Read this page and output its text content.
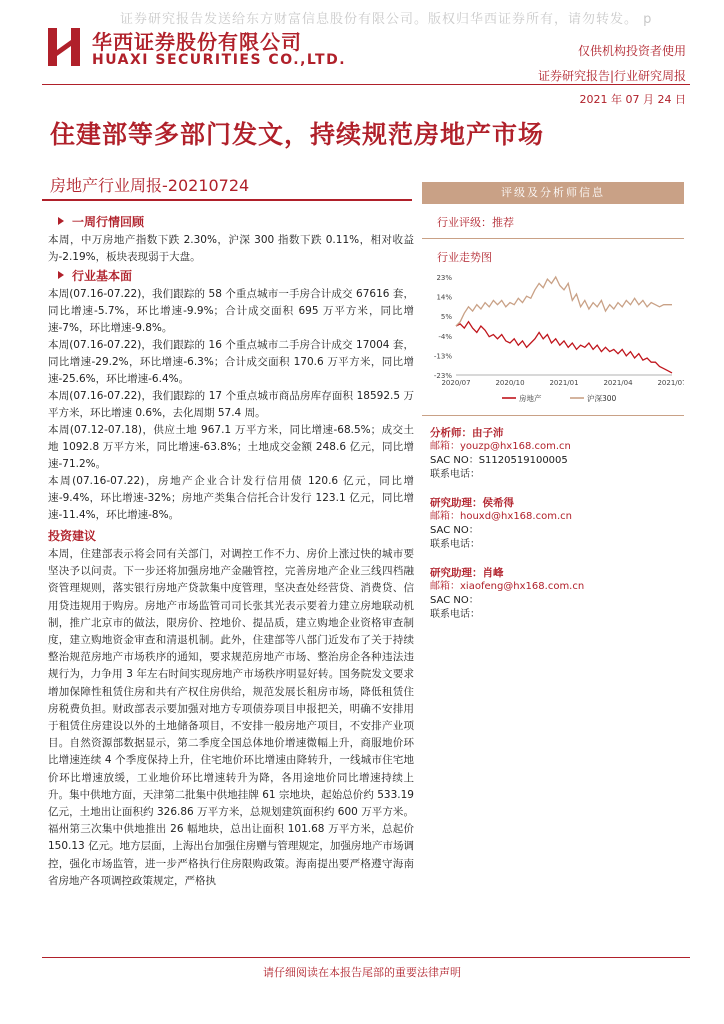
证券研究报告发送给东方财富信息股份有限公司。版权归华西证券所有，请勿转发。 p
华西证券股份有限公司
HUAXI SECURITIES CO.,LTD.
仅供机构投资者使用
证券研究报告|行业研究周报
2021 年 07 月 24 日
住建部等多部门发文，持续规范房地产市场
房地产行业周报-20210724
一周行情回顾

本周，中万房地产指数下跌 2.30%，沪深 300 指数下跌 0.11%，相对收益为-2.19%，板块表现弱于大盘。

行业基本面

本周(07.16-07.22)，我们跟踪的 58 个重点城市一手房合计成交 67616 套，同比增速-5.7%，环比增速-9.9%；合计成交面积 695 万平方米，同比增速-7%，环比增速-9.8%。

本周(07.16-07.22)，我们跟踪的 16 个重点城市二手房合计成交 17004 套，同比增速-29.2%，环比增速-6.3%；合计成交面积 170.6 万平方米，同比增速-25.6%，环比增速-6.4%。

本周(07.16-07.22)，我们跟踪的 17 个重点城市商品房库存面积 18592.5 万平方米，环比增速 0.6%，去化周期 57.4 周。

本周(07.12-07.18)，供应土地 967.1 万平方米，同比增速-68.5%；成交土地 1092.8 万平方米，同比增速-63.8%；土地成交金额 248.6 亿元，同比增速-71.2%。

本周(07.16-07.22)，房地产企业合计发行信用债 120.6 亿元，同比增速-9.4%，环比增速-32%；房地产类集合信托合计发行 123.1 亿元，同比增速-11.4%，环比增速-8%。

投资建议

本周，住建部表示将会同有关部门，对调控工作不力、房价上涨过快的城市要坚决予以问责。下一步还将加强房地产金融管控，完善房地产企业三线四档融资管理规则，落实银行房地产贷款集中度管理，坚决查处经营贷、消费贷、信用贷违规用于购房。房地产市场监管司司长张其光表示要着力建立房地联动机制，推广北京市的做法，限房价、控地价、提品质，建立购地企业资格审查制度，建立购地资金审查和清退机制。此外，住建部等八部门近发布了关于持续整治规范房地产市场秩序的通知，要求规范房地产市场、整治房企各种违法违规行为，力争用 3 年左右时间实现房地产市场秩序明显好转。国务院发文要求增加保障性租赁住房和共有产权住房供给，规范发展长租房市场，降低租赁住房税费负担。财政部表示要加强对地方专项债券项目申报把关，明确不安排用于租赁住房建设以外的土地储备项目，不安排一般房地产项目，不安排产业项目。自然资源部数据显示，第二季度全国总体地价增速微幅上升，商服地价环比增速连续 4 个季度保持上升，住宅地价环比增速由降转升，一线城市住宅地价环比增速放缓，工业地价环比增速转升为降，各用途地价同比增速持续上升。集中供地方面，天津第二批集中供地挂牌 61 宗地块，起始总价约 533.19 亿元，土地出让面积约 326.86 万平方米，总规划建筑面积约 600 万平方米。福州第三次集中供地推出 26 幅地块，总出让面积 101.68 万平方米，总起价 150.13 亿元。地方层面，上海出台加强住房赠与管理规定，加强房地产市场调控，强化市场监管，进一步严格执行住房限购政策。海南提出要严格遵守海南省房地产各项调控政策规定，严格执

评级及分析师信息
行业评级：推荐
行业走势图
23%
14%
5%
-4%
-13%
-23%
2020/07	2020/10	2021/01	2021/04	2021/07
房地产	沪深300
分析师：由子沛
邮箱：youzp@hx168.com.cn
SAC NO：S1120519100005
联系电话：
研究助理：侯希得
邮箱：houxd@hx168.com.cn
SAC NO：
联系电话：
研究助理：肖峰
邮箱：xiaofeng@hx168.com.cn
SAC NO：
联系电话：
请仔细阅读在本报告尾部的重要法律声明
